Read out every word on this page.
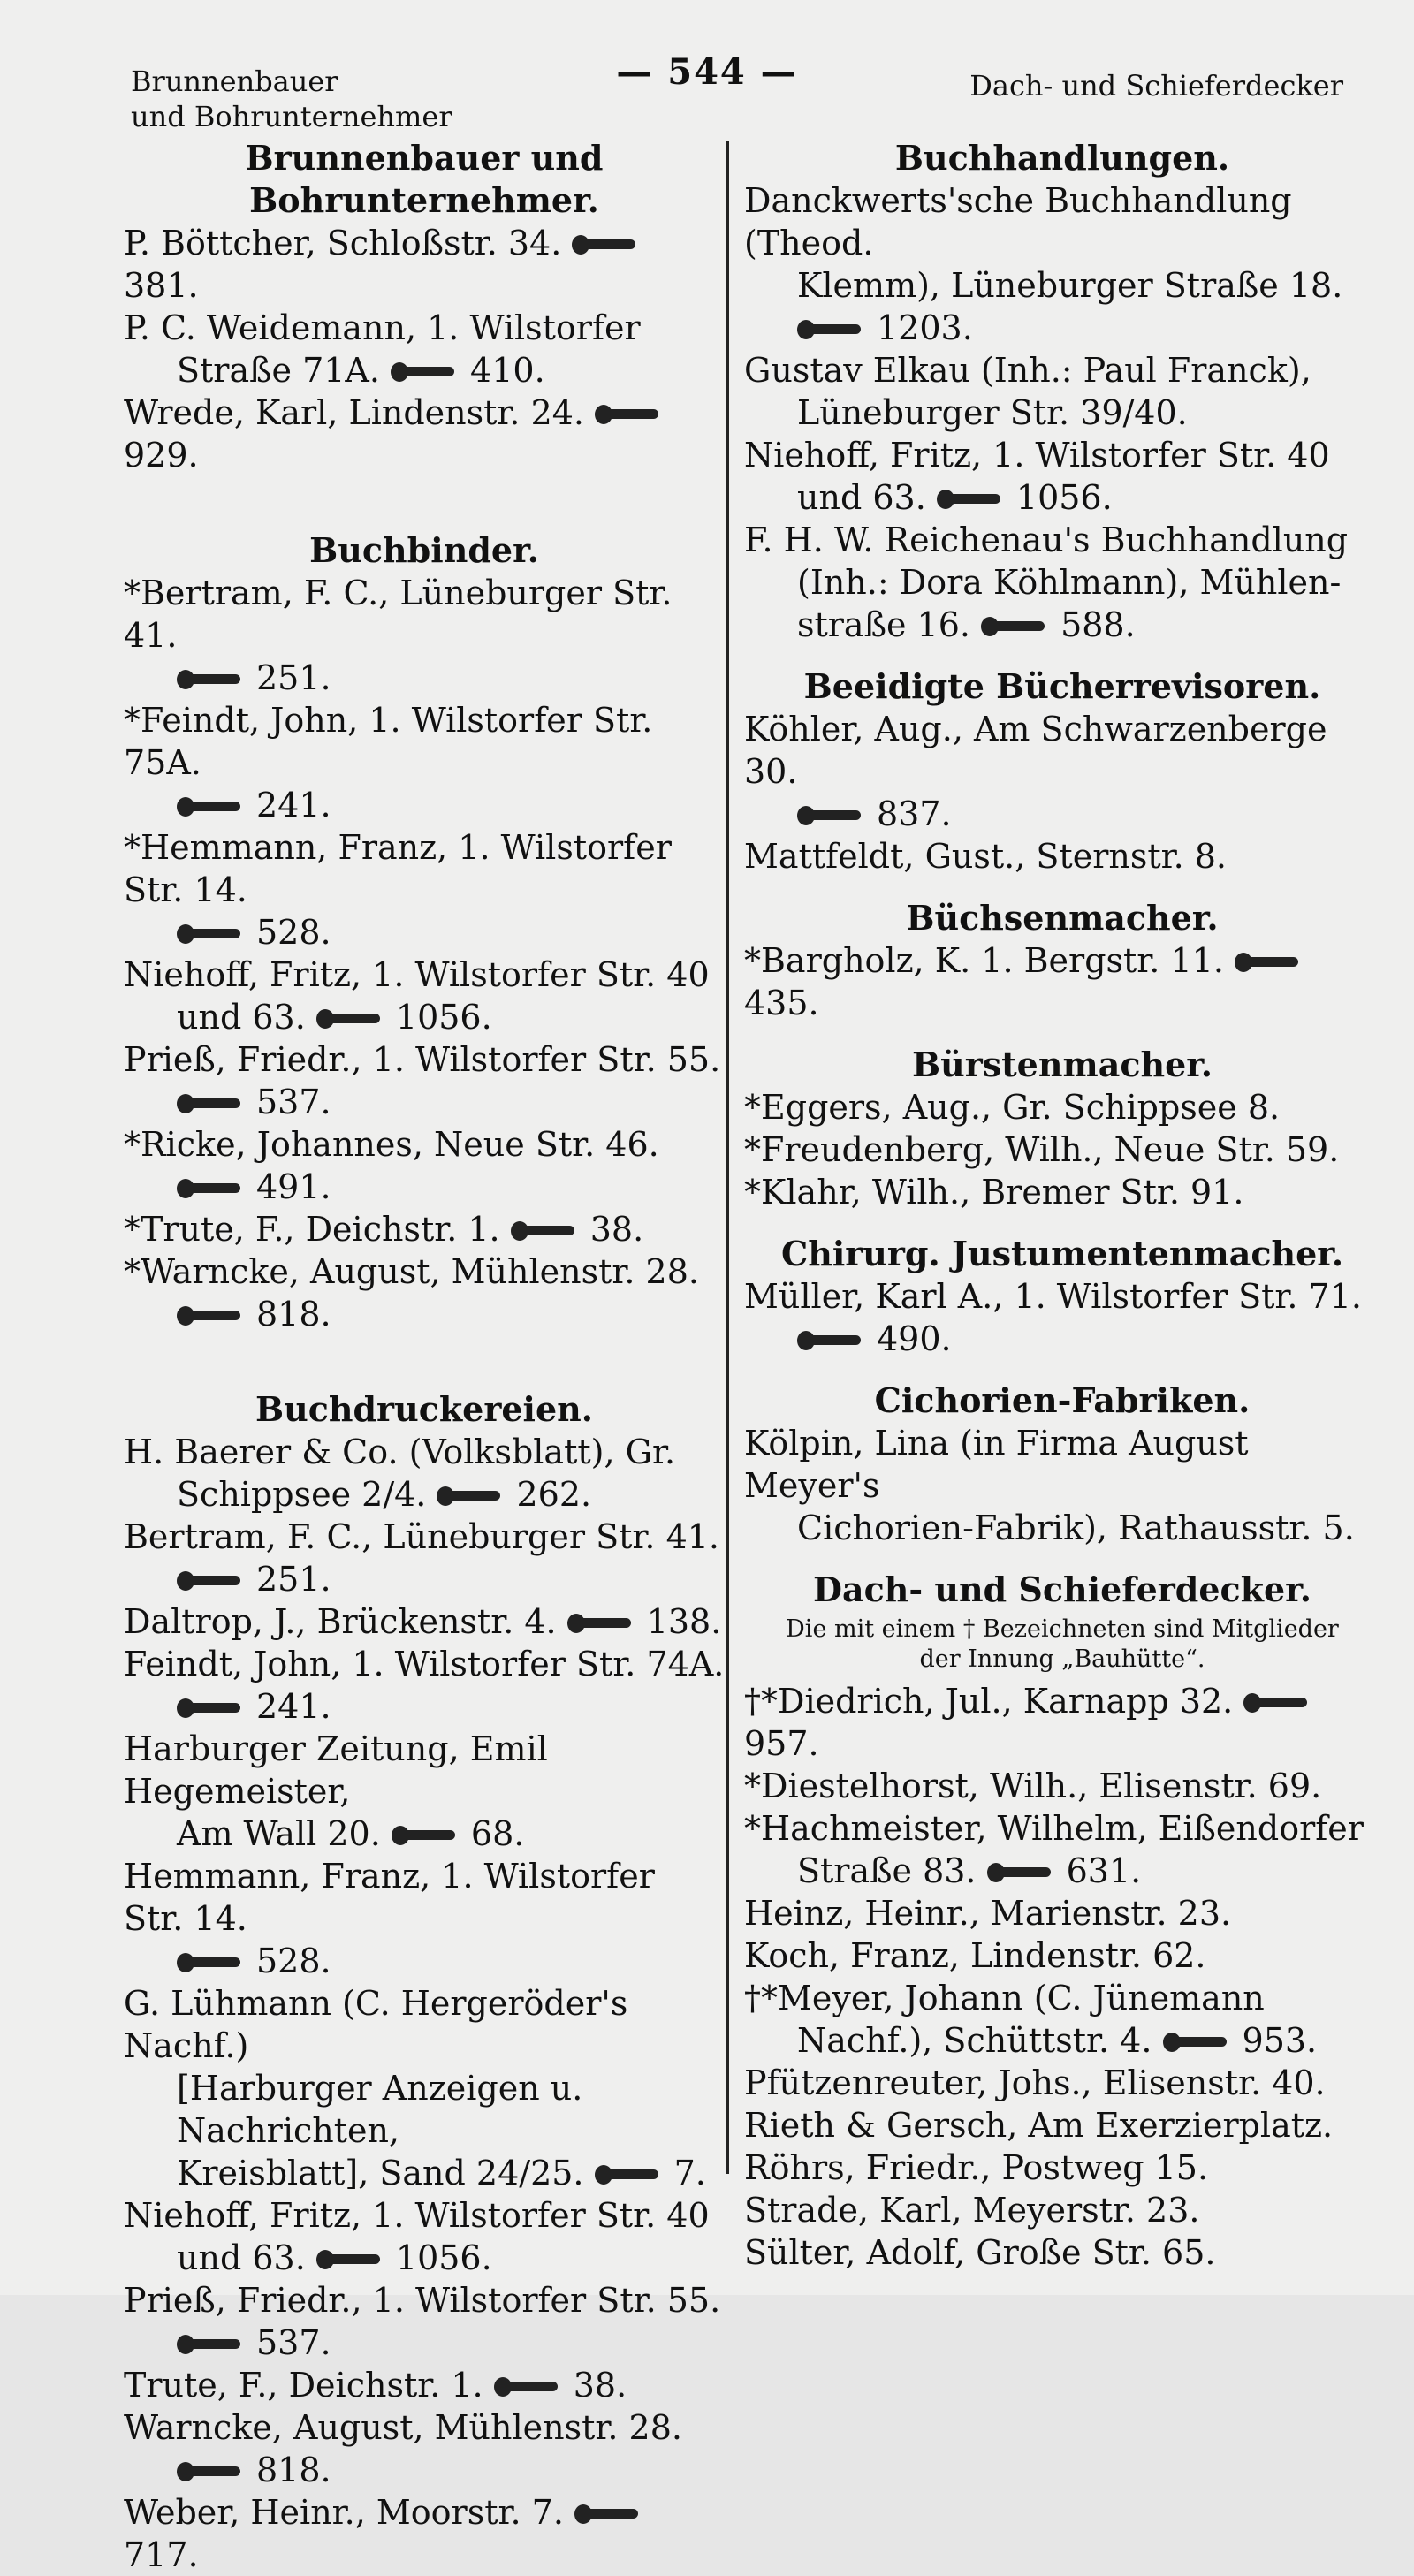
Brunnenbauer
und Bohrunternehmer
— 544 —	Dach- und Schieferdecker
Brunnenbauer und Bohrunternehmer.
P. Böttcher, Schloßstr. 34. 381.
P. C. Weidemann, 1. Wilstorfer
Straße 71A.	410.
Wrede, Karl, Lindenstr. 24. 929.
Buchbinder.
*Bertram, F. C., Lüneburger Str. 41.
251.
*Feindt, John, 1. Wilstorfer Str. 75A.
241.
*Hemmann, Franz, 1. Wilstorfer Str. 14.
528.
Niehoff, Fritz, 1. Wilstorfer Str. 40
und 63.	1056.
Prieß, Friedr., 1. Wilstorfer Str. 55.
537.
*Ricke, Johannes, Neue Str. 46.
491.
*Trute, F., Deichstr. 1.	38.
*Warncke, August, Mühlenstr. 28.
818.
Buchdruckereien.
H. Baerer & Co. (Volksblatt), Gr.
Schippsee 2/4.	262.
Bertram, F. C., Lüneburger Str. 41.
251.
Daltrop, J., Brückenstr. 4.	138.
Feindt, John, 1. Wilstorfer Str. 74A.
241.
Harburger Zeitung, Emil Hegemeister,
Am Wall 20.	68.
Hemmann, Franz, 1. Wilstorfer Str. 14.
528.
G. Lühmann (C. Hergeröder's Nachf.)
[Harburger Anzeigen u. Nachrichten,
Kreisblatt], Sand 24/25.	7.
Niehoff, Fritz, 1. Wilstorfer Str. 40
und 63.	1056.
Prieß, Friedr., 1. Wilstorfer Str. 55.
537.
Trute, F., Deichstr. 1.	38.
Warncke, August, Mühlenstr. 28.
818.
Weber, Heinr., Moorstr. 7. 717.
Buchhandlungen.
Danckwerts'sche Buchhandlung (Theod.
Klemm), Lüneburger Straße 18.
1203.
Gustav Elkau (Inh.: Paul Franck),
Lüneburger Str. 39/40.
Niehoff, Fritz, 1. Wilstorfer Str. 40
und 63.	1056.
F. H. W. Reichenau's Buchhandlung
(Inh.: Dora Köhlmann), Mühlen-
straße 16.	588.
Beeidigte Bücherrevisoren.
Köhler, Aug., Am Schwarzenberge 30.
837.
Mattfeldt, Gust., Sternstr. 8.
Büchsenmacher.
*Bargholz, K. 1. Bergstr. 11. 435.
Bürstenmacher.
*Eggers, Aug., Gr. Schippsee 8.
*Freudenberg, Wilh., Neue Str. 59.
*Klahr, Wilh., Bremer Str. 91.
Chirurg. Justumentenmacher.
Müller, Karl A., 1. Wilstorfer Str. 71.
490.
Cichorien-Fabriken.
Kölpin, Lina (in Firma August Meyer's
Cichorien-Fabrik), Rathausstr. 5.
Dach- und Schieferdecker.
Die mit einem † Bezeichneten sind Mitglieder der Innung „Bauhütte“.
†*Diedrich, Jul., Karnapp 32. 957.
*Diestelhorst, Wilh., Elisenstr. 69.
*Hachmeister, Wilhelm, Eißendorfer
Straße 83.	631.
Heinz, Heinr., Marienstr. 23.
Koch, Franz, Lindenstr. 62.
†*Meyer, Johann (C. Jünemann
Nachf.), Schüttstr. 4.	953.
Pfützenreuter, Johs., Elisenstr. 40.
Rieth & Gersch, Am Exerzierplatz.
Röhrs, Friedr., Postweg 15.
Strade, Karl, Meyerstr. 23.
Sülter, Adolf, Große Str. 65.
